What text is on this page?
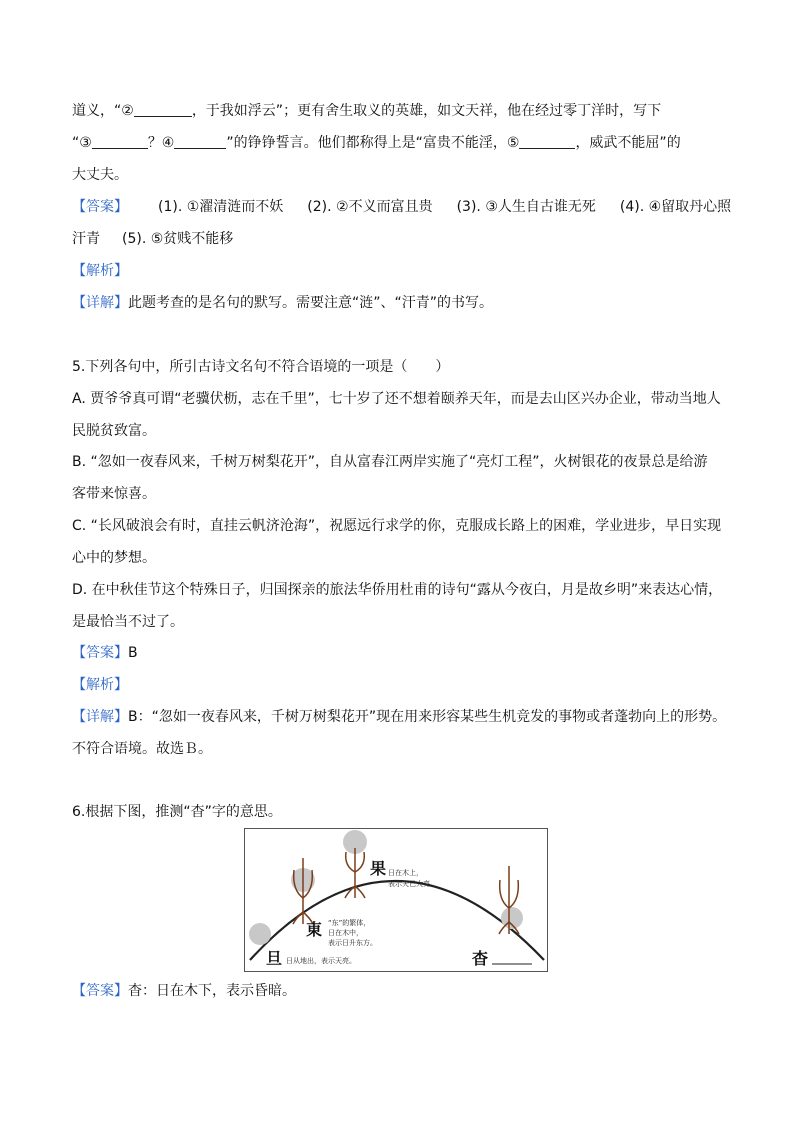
道义，“②	，于我如浮云”；更有舍生取义的英雄，如文天祥，他在经过零丁洋时，写下
“③	？④	”的铮铮誓言。他们都称得上是“富贵不能淫，⑤	，威武不能屈”的
大丈夫。
【答案】 (1). ①濯清涟而不妖 (2). ②不义而富且贵 (3). ③人生自古谁无死 (4). ④留取丹心照
汗青 (5). ⑤贫贱不能移
【解析】
【详解】此题考查的是名句的默写。需要注意“涟”、“汗青”的书写。
5.下列各句中，所引古诗文名句不符合语境的一项是（　　）
A. 贾爷爷真可谓“老骥伏枥，志在千里”，七十岁了还不想着颐养天年，而是去山区兴办企业，带动当地人
民脱贫致富。
B. “忽如一夜春风来，千树万树梨花开”，自从富春江两岸实施了“亮灯工程”，火树银花的夜景总是给游
客带来惊喜。
C. “长风破浪会有时，直挂云帆济沧海”，祝愿远行求学的你，克服成长路上的困难，学业进步，早日实现
心中的梦想。
D. 在中秋佳节这个特殊日子，归国探亲的旅法华侨用杜甫的诗句“露从今夜白，月是故乡明”来表达心情，
是最恰当不过了。
【答案】B
【解析】
【详解】B：“忽如一夜春风来，千树万树梨花开”现在用来形容某些生机竞发的事物或者蓬勃向上的形势。
不符合语境。故选Ｂ。
6.根据下图，推测“杳”字的意思。
果 日在木上，
表示天已大亮。
東 “东”的繁体，
日在木中，
表示日升东方。
旦 日从地出，表示天亮。	杳
【答案】杳：日在木下，表示昏暗。
